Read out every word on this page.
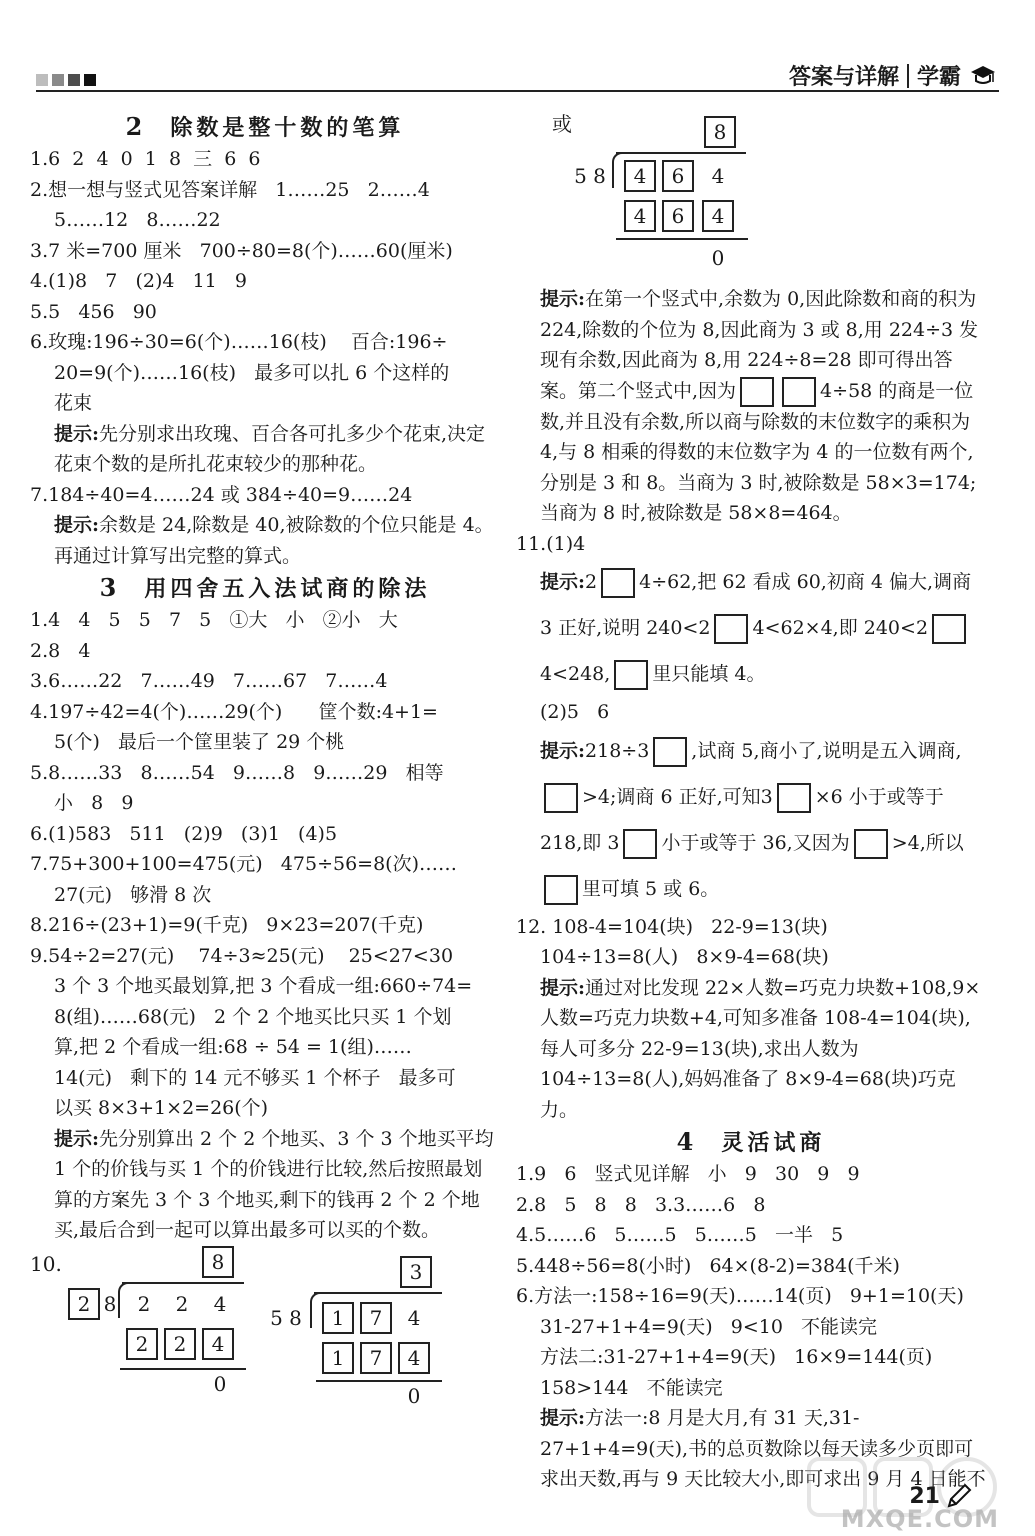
答案与详解 学霸
2 除数是整十数的笔算
1.6  2  4  0  1  8  三  6  6
2.想一想与竖式见答案详解   1……25   2……4
5……12   8……22
3.7 米=700 厘米   700÷80=8(个)……60(厘米)
4.(1)8   7   (2)4   11   9
5.5   456   90
6.玫瑰:196÷30=6(个)……16(枝)    百合:196÷
20=9(个)……16(枝)   最多可以扎 6 个这样的
花束
提示:先分别求出玫瑰、百合各可扎多少个花束,决定花束个数的是所扎花束较少的那种花。
7.184÷40=4……24 或 384÷40=9……24
提示:余数是 24,除数是 40,被除数的个位只能是 4。再通过计算写出完整的算式。
3 用四舍五入法试商的除法
1.4   4   5   5   7   5   ①大   小   ②小   大
2.8   4
3.6……22   7……49   7……67   7……4
4.197÷42=4(个)……29(个)      筐个数:4+1=
5(个)   最后一个筐里装了 29 个桃
5.8……33   8……54   9……8   9……29   相等
小   8   9
6.(1)583   511   (2)9   (3)1   (4)5
7.75+300+100=475(元)   475÷56=8(次)……
27(元)   够滑 8 次
8.216÷(23+1)=9(千克)   9×23=207(千克)
9.54÷2=27(元)    74÷3≈25(元)    25<27<30
3 个 3 个地买最划算,把 3 个看成一组:660÷74=
8(组)……68(元)   2 个 2 个地买比只买 1 个划
算,把 2 个看成一组:68 ÷ 54 = 1(组)……
14(元)   剩下的 14 元不够买 1 个杯子   最多可
以买 8×3+1×2=26(个)
提示:先分别算出 2 个 2 个地买、3 个 3 个地买平均 1 个的价钱与买 1 个的价钱进行比较,然后按照最划算的方案先 3 个 3 个地买,剩下的钱再 2 个 2 个地买,最后合到一起可以算出最多可以买的个数。
10.	8
2 8	2	2	4
2	2	4
0
3
5 8	1	7	4
1	7	4
0
或	8
5 8	4	6	4
4	6	4
0
提示:在第一个竖式中,余数为 0,因此除数和商的积为 224,除数的个位为 8,因此商为 3 或 8,用 224÷3 发现有余数,因此商为 8,用 224÷8=28 即可得出答案。第二个竖式中,因为	4÷58 的商是一位数,并且没有余数,所以商与除数的末位数字的乘积为 4,与 8 相乘的得数的末位数字为 4 的一位数有两个,分别是 3 和 8。当商为 3 时,被除数是 58×3=174;当商为 8 时,被除数是 58×8=464。
11.(1)4
提示:2 4÷62,把 62 看成 60,初商 4 偏大,调商 3 正好,说明 240<2 4<62×4,即 240<24<248, 里只能填 4。
(2)5   6
提示:218÷3 ,试商 5,商小了,说明是五入调商,>4;调商 6 正好,可知3 ×6 小于或等于 218,即 3 小于或等于 36,又因为 >4,所以里可填 5 或 6。
12. 108-4=104(块)   22-9=13(块)
104÷13=8(人)   8×9-4=68(块)
提示:通过对比发现 22×人数=巧克力块数+108,9×人数=巧克力块数+4,可知多准备 108-4=104(块),每人可多分 22-9=13(块),求出人数为 104÷13=8(人),妈妈准备了 8×9-4=68(块)巧克力。
4 灵活试商
1.9   6   竖式见详解   小   9   30   9   9
2.8   5   8   8   3.3……6   8
4.5……6   5……5   5……5   一半   5
5.448÷56=8(小时)   64×(8-2)=384(千米)
6.方法一:158÷16=9(天)……14(页)   9+1=10(天)
31-27+1+4=9(天)   9<10   不能读完
方法二:31-27+1+4=9(天)   16×9=144(页)
158>144   不能读完
提示:方法一:8 月是大月,有 31 天,31-27+1+4=9(天),书的总页数除以每天读多少页即可求出天数,再与 9 天比较大小,即可求出 9 月 4 日能不
MXQE.COM
21
